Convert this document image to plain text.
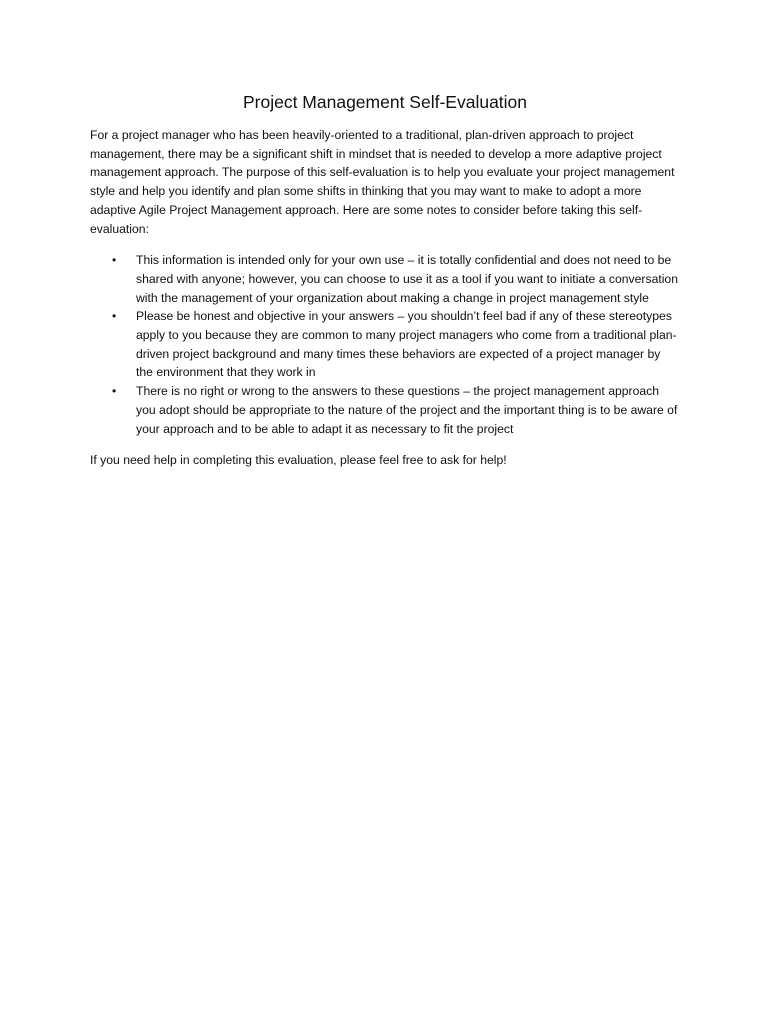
Project Management Self-Evaluation

For a project manager who has been heavily-oriented to a traditional, plan-driven approach to project management, there may be a significant shift in mindset that is needed to develop a more adaptive project management approach. The purpose of this self-evaluation is to help you evaluate your project management style and help you identify and plan some shifts in thinking that you may want to make to adopt a more adaptive Agile Project Management approach. Here are some notes to consider before taking this self-evaluation:

• This information is intended only for your own use – it is totally confidential and does not need to be shared with anyone; however, you can choose to use it as a tool if you want to initiate a conversation with the management of your organization about making a change in project management style
• Please be honest and objective in your answers – you shouldn’t feel bad if any of these stereotypes apply to you because they are common to many project managers who come from a traditional plan-driven project background and many times these behaviors are expected of a project manager by the environment that they work in
• There is no right or wrong to the answers to these questions – the project management approach you adopt should be appropriate to the nature of the project and the important thing is to be aware of your approach and to be able to adapt it as necessary to fit the project

If you need help in completing this evaluation, please feel free to ask for help!
